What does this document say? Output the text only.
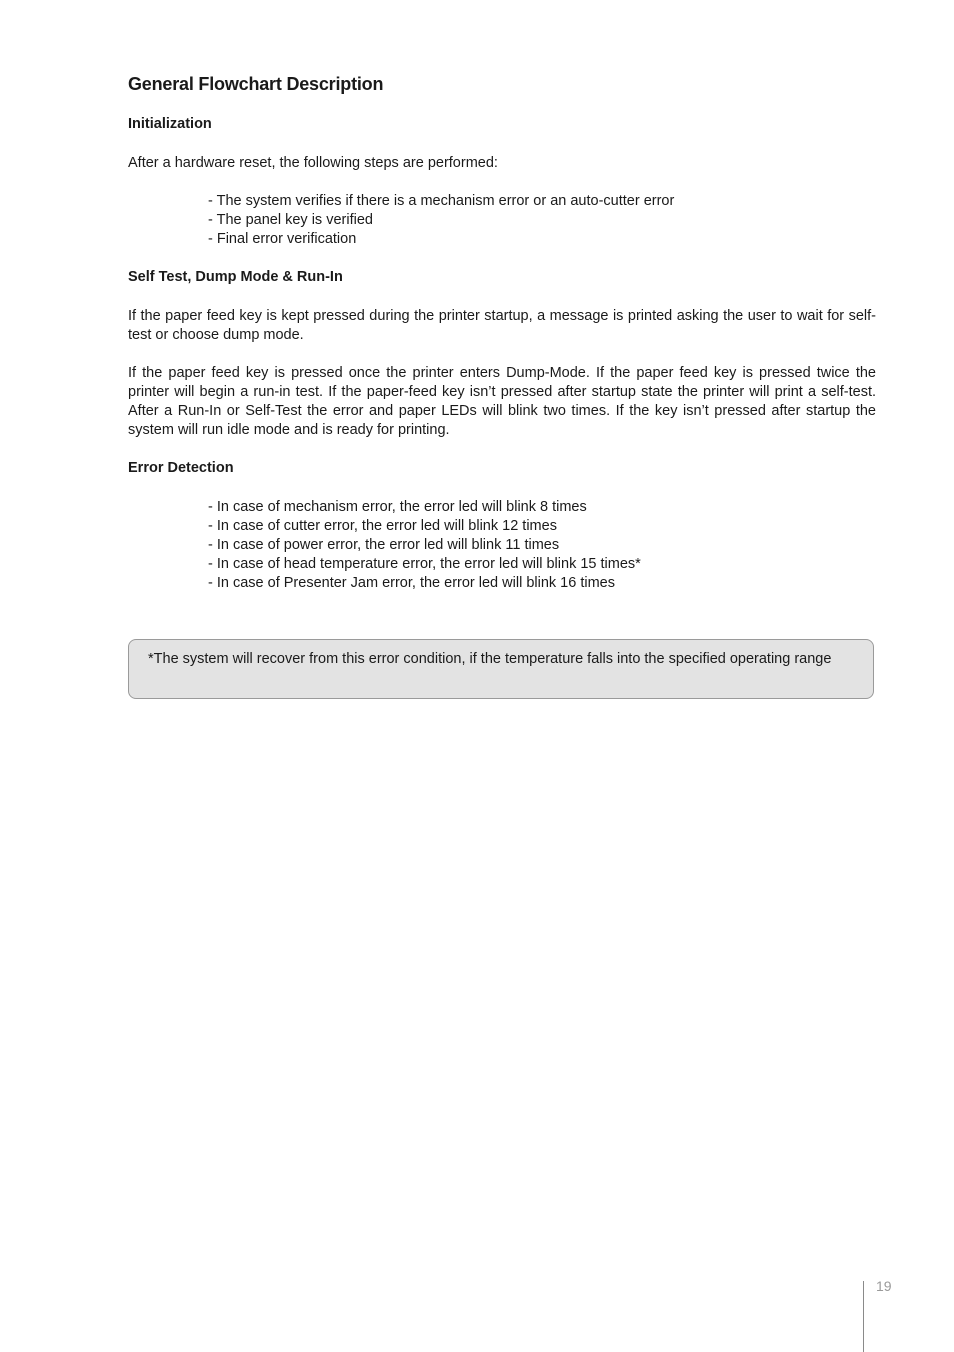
General Flowchart Description
Initialization

After a hardware reset, the following steps are performed:

- The system verifies if there is a mechanism error or an auto-cutter error
- The panel key is verified
- Final error verification
Self Test, Dump Mode & Run-In

If the paper feed key is kept pressed during the printer startup, a message is printed asking the user to wait for self-test or choose dump mode.

If the paper feed key is pressed once the printer enters Dump-Mode. If the paper feed key is pressed twice the printer will begin a run-in test. If the paper-feed key isn’t pressed after startup state the printer will print a self-test. After a Run-In or Self-Test the error and paper LEDs will blink two times. If the key isn’t pressed after startup the system will run idle mode and is ready for printing.

Error Detection
- In case of mechanism error, the error led will blink 8 times
- In case of cutter error, the error led will blink 12 times
- In case of power error, the error led will blink 11 times
- In case of head temperature error, the error led will blink 15 times*
- In case of Presenter Jam error, the error led will blink 16 times

*The system will recover from this error condition, if the temperature falls into the specified operating range

19
